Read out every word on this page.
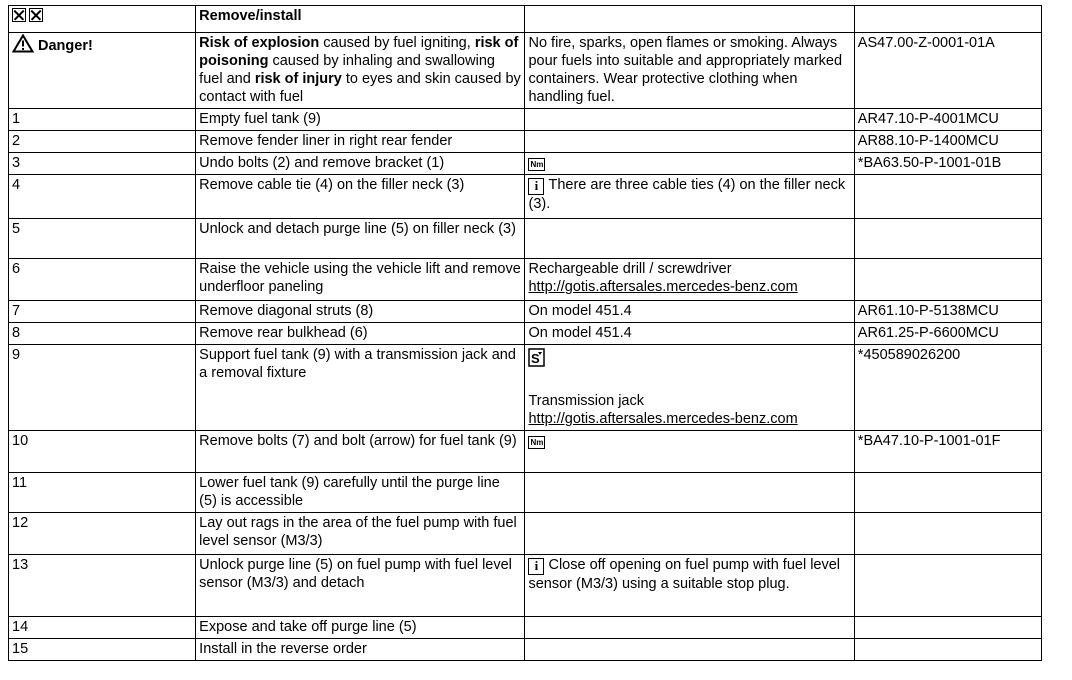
	Remove/install		
Danger!	Risk of explosion caused by fuel igniting, risk of poisoning caused by inhaling and swallowing fuel and risk of injury to eyes and skin caused by contact with fuel	No fire, sparks, open flames or smoking. Always pour fuels into suitable and appropriately marked containers. Wear protective clothing when handling fuel.	AS47.00-Z-0001-01A
1	Empty fuel tank (9)		AR47.10-P-4001MCU
2	Remove fender liner in right rear fender		AR88.10-P-1400MCU
3	Undo bolts (2) and remove bracket (1)	Nm	*BA63.50-P-1001-01B
4	Remove cable tie (4) on the filler neck (3)	i There are three cable ties (4) on the filler neck (3).	
5	Unlock and detach purge line (5) on filler neck (3)		
6	Raise the vehicle using the vehicle lift and remove underfloor paneling	Rechargeable drill / screwdriver
http://gotis.aftersales.mercedes-benz.com	
7	Remove diagonal struts (8)	On model 451.4	AR61.10-P-5138MCU
8	Remove rear bulkhead (6)	On model 451.4	AR61.25-P-6600MCU
9	Support fuel tank (9) with a transmission jack and a removal fixture	S
Transmission jack
http://gotis.aftersales.mercedes-benz.com	*450589026200
10	Remove bolts (7) and bolt (arrow) for fuel tank (9)	Nm	*BA47.10-P-1001-01F
11	Lower fuel tank (9) carefully until the purge line (5) is accessible		
12	Lay out rags in the area of the fuel pump with fuel level sensor (M3/3)		
13	Unlock purge line (5) on fuel pump with fuel level sensor (M3/3) and detach	i Close off opening on fuel pump with fuel level sensor (M3/3) using a suitable stop plug.	
14	Expose and take off purge line (5)		
15	Install in the reverse order		
